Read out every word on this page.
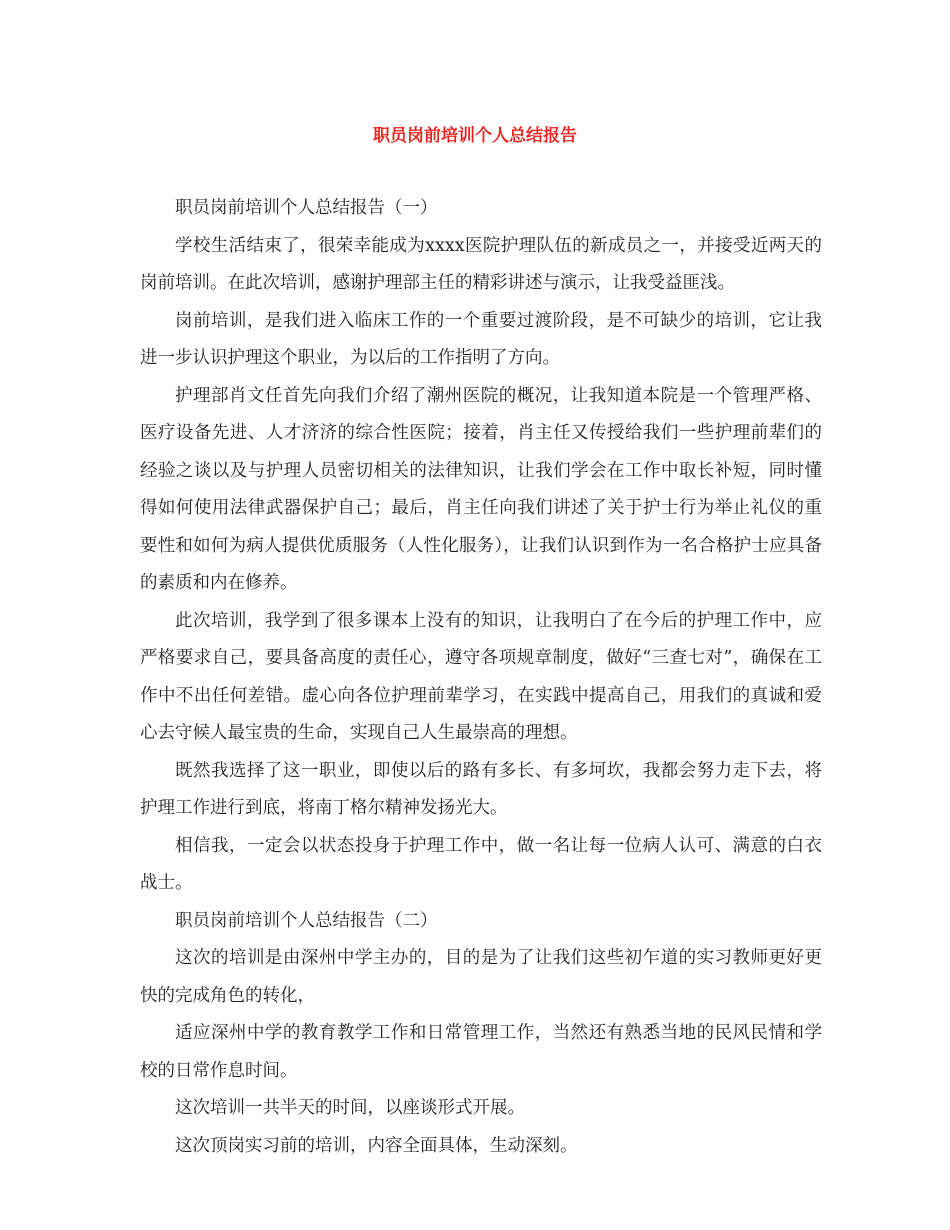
职员岗前培训个人总结报告

职员岗前培训个人总结报告（一）

学校生活结束了，很荣幸能成为xxxx医院护理队伍的新成员之一，并接受近两天的岗前培训。在此次培训，感谢护理部主任的精彩讲述与演示，让我受益匪浅。

岗前培训，是我们进入临床工作的一个重要过渡阶段，是不可缺少的培训，它让我进一步认识护理这个职业，为以后的工作指明了方向。

护理部肖文任首先向我们介绍了潮州医院的概况，让我知道本院是一个管理严格、医疗设备先进、人才济济的综合性医院；接着，肖主任又传授给我们一些护理前辈们的经验之谈以及与护理人员密切相关的法律知识，让我们学会在工作中取长补短，同时懂得如何使用法律武器保护自己；最后，肖主任向我们讲述了关于护士行为举止礼仪的重要性和如何为病人提供优质服务（人性化服务），让我们认识到作为一名合格护士应具备的素质和内在修养。

此次培训，我学到了很多课本上没有的知识，让我明白了在今后的护理工作中，应严格要求自己，要具备高度的责任心，遵守各项规章制度，做好“三查七对”，确保在工作中不出任何差错。虚心向各位护理前辈学习，在实践中提高自己，用我们的真诚和爱心去守候人最宝贵的生命，实现自己人生最崇高的理想。

既然我选择了这一职业，即使以后的路有多长、有多坷坎，我都会努力走下去，将护理工作进行到底，将南丁格尔精神发扬光大。

相信我，一定会以状态投身于护理工作中，做一名让每一位病人认可、满意的白衣战士。

职员岗前培训个人总结报告（二）

这次的培训是由深州中学主办的，目的是为了让我们这些初乍道的实习教师更好更快的完成角色的转化，

适应深州中学的教育教学工作和日常管理工作，当然还有熟悉当地的民风民情和学校的日常作息时间。

这次培训一共半天的时间，以座谈形式开展。

这次顶岗实习前的培训，内容全面具体，生动深刻。
